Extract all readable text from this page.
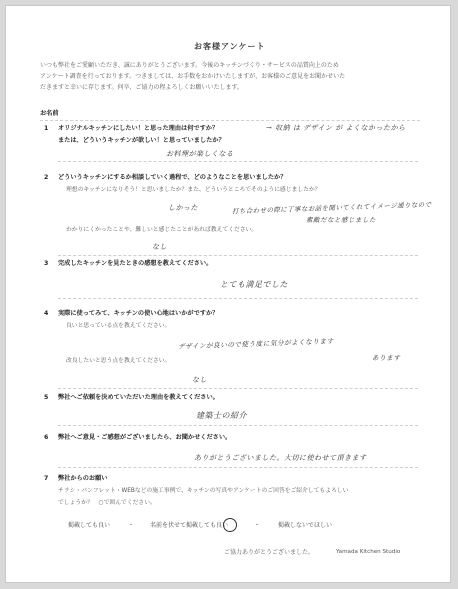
お客様アンケート
いつも弊社をご愛顧いただき、誠にありがとうございます。今後のキッチンづくり・サービスの品質向上のため
アンケート調査を行っております。つきましては、お手数をおかけいたしますが、お客様のご意見をお聞かせいた
だきますと幸いに存じます。何卒、ご協力の程よろしくお願いいたします。
お名前
1 オリジナルキッチンにしたい！と思った理由は何ですか？	→ 収納 は デザイン が よくなかったから
または、どういうキッチンが欲しい！と思っていましたか？
お料理が楽しくなる
2 どういうキッチンにするか相談していく過程で、どのようなことを思いましたか？
理想のキッチンになりそう！と思いましたか？また、どういうところでそのように感じましたか？
しかった	打ち合わせの際に丁寧なお話を聞いてくれてイメージ通りなので
素敵だなと感じました
わかりにくかったことや、難しいと感じたことがあれば教えてください。
なし
3 完成したキッチンを見たときの感想を教えてください。
とても満足でした
4 実際に使ってみて、キッチンの使い心地はいかがですか？
良いと思っている点を教えてください。
デザインが良いので使う度に気分がよくなります
あります
改良したいと思う点を教えてください。
なし
5 弊社へご依頼を決めていただいた理由を教えてください。
建築士の紹介
6 弊社へご意見・ご感想がございましたら、お聞かせください。
ありがとうございました。大切に使わせて頂きます
7 弊社からのお願い
チラシ・パンフレット・WEBなどの施工事例で、キッチンの写真やアンケートのご回答をご紹介してもよろしい
でしょうか？　○で囲んでください。
掲載しても良い	・	名前を伏せて掲載しても良い	・	掲載しないでほしい
ご協力ありがとうございました。	Yamada Kitchen Studio
